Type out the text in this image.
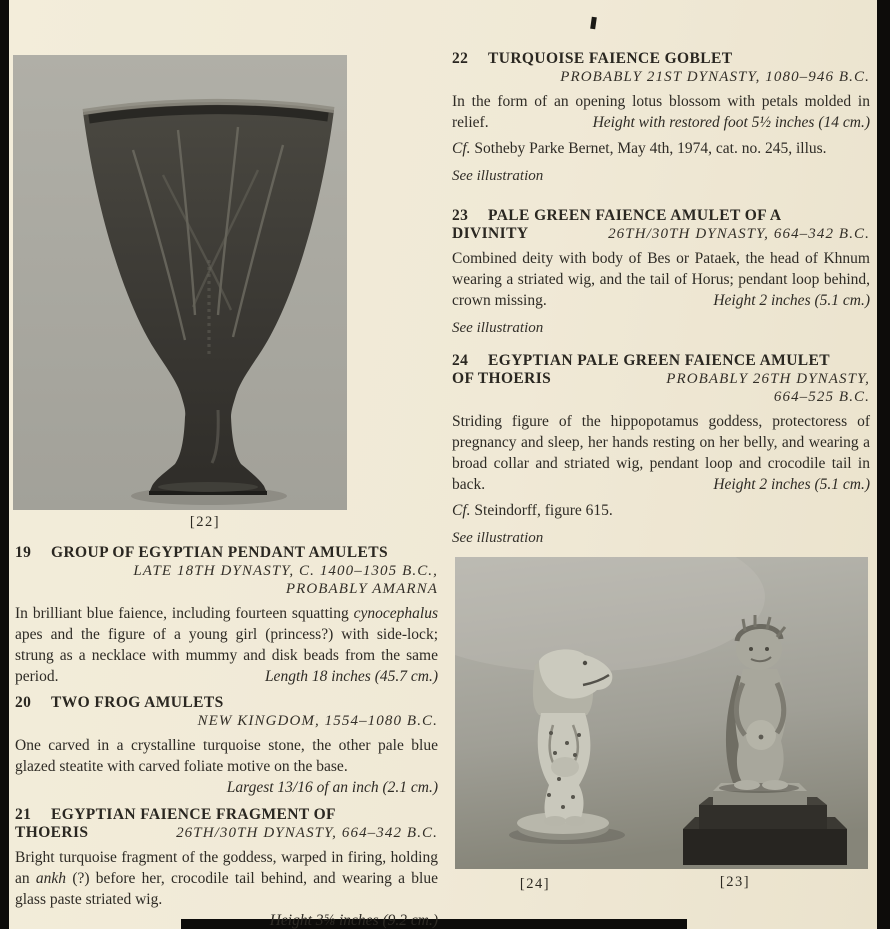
[22]
[24]	[23]
19 GROUP OF EGYPTIAN PENDANT AMULETS
LATE 18TH DYNASTY, C. 1400–1305 B.C.,
PROBABLY AMARNA

In brilliant blue faience, including fourteen squatting cynocephalus apes and the figure of a young girl (princess?) with side-lock; strung as a necklace with mummy and disk beads from the same period.	Length 18 inches (45.7 cm.)

20 TWO FROG AMULETS
NEW KINGDOM, 1554–1080 B.C.

One carved in a crystalline turquoise stone, the other pale blue glazed steatite with carved foliate motive on the base.
Largest 13/16 of an inch (2.1 cm.)

21 EGYPTIAN FAIENCE FRAGMENT OF
THOERIS	26TH/30TH DYNASTY, 664–342 B.C.

Bright turquoise fragment of the goddess, warped in firing, holding an ankh (?) before her, crocodile tail behind, and wearing a blue glass paste striated wig.
Height 3⅝ inches (9.2 cm.)

22 TURQUOISE FAIENCE GOBLET
PROBABLY 21ST DYNASTY, 1080–946 B.C.

In the form of an opening lotus blossom with petals molded in relief.	Height with restored foot 5½ inches (14 cm.)

Cf. Sotheby Parke Bernet, May 4th, 1974, cat. no. 245, illus.

See illustration

23 PALE GREEN FAIENCE AMULET OF A
DIVINITY	26TH/30TH DYNASTY, 664–342 B.C.

Combined deity with body of Bes or Pataek, the head of Khnum wearing a striated wig, and the tail of Horus; pendant loop behind, crown missing.	Height 2 inches (5.1 cm.)

See illustration

24 EGYPTIAN PALE GREEN FAIENCE AMULET
OF THOERIS	PROBABLY 26TH DYNASTY,
664–525 B.C.

Striding figure of the hippopotamus goddess, protectoress of pregnancy and sleep, her hands resting on her belly, and wearing a broad collar and striated wig, pendant loop and crocodile tail in back.	Height 2 inches (5.1 cm.)

Cf. Steindorff, figure 615.

See illustration
